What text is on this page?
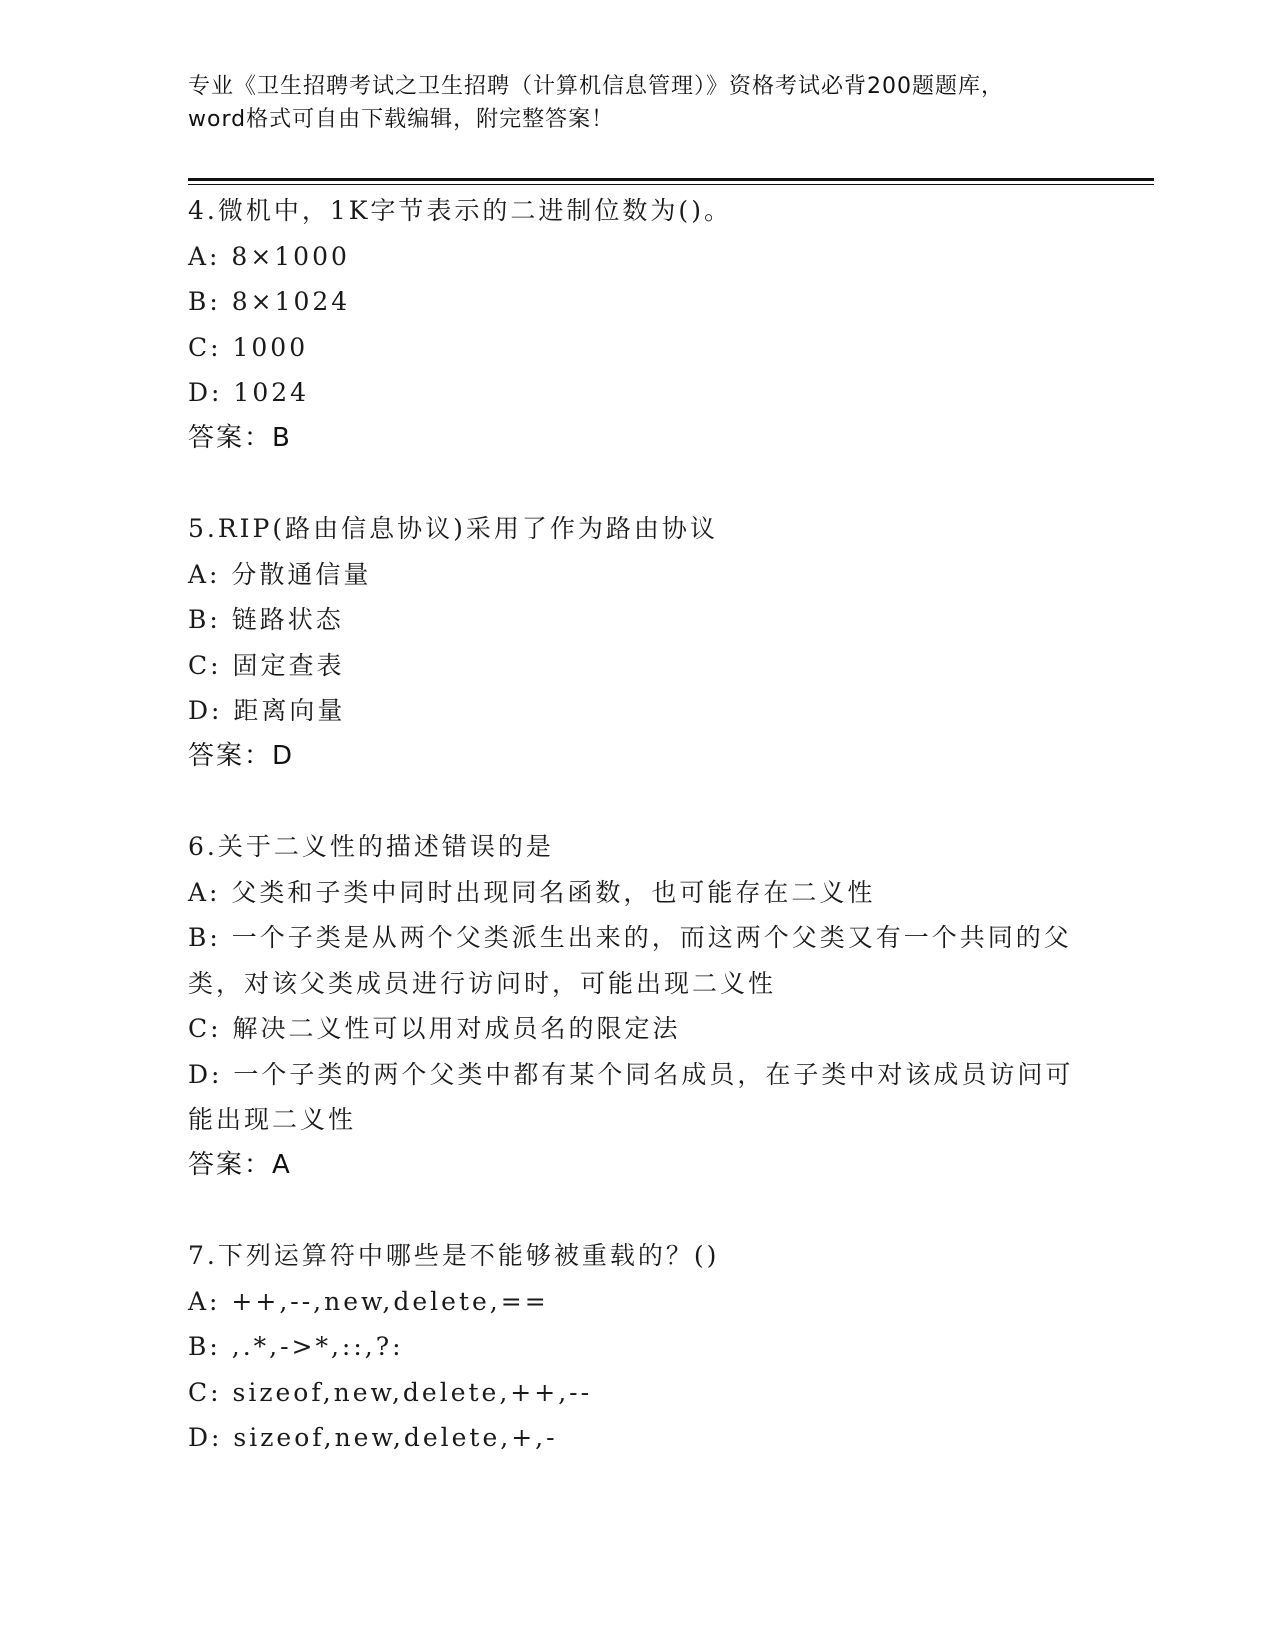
专业《卫生招聘考试之卫生招聘（计算机信息管理）》资格考试必背200题题库，
word格式可自由下载编辑，附完整答案！
4.微机中，1K字节表示的二进制位数为()。
A: 8×1000
B: 8×1024
C: 1000
D: 1024
答案：B
5.RIP(路由信息协议)采用了作为路由协议
A: 分散通信量
B: 链路状态
C: 固定查表
D: 距离向量
答案：D
6.关于二义性的描述错误的是
A: 父类和子类中同时出现同名函数，也可能存在二义性
B: 一个子类是从两个父类派生出来的，而这两个父类又有一个共同的父类，对该父类成员进行访问时，可能出现二义性
C: 解决二义性可以用对成员名的限定法
D: 一个子类的两个父类中都有某个同名成员，在子类中对该成员访问可能出现二义性
答案：A
7.下列运算符中哪些是不能够被重载的？()
A: ++,--,new,delete,==
B: ,.*,->*,::,?:
C: sizeof,new,delete,++,--
D: sizeof,new,delete,+,-
